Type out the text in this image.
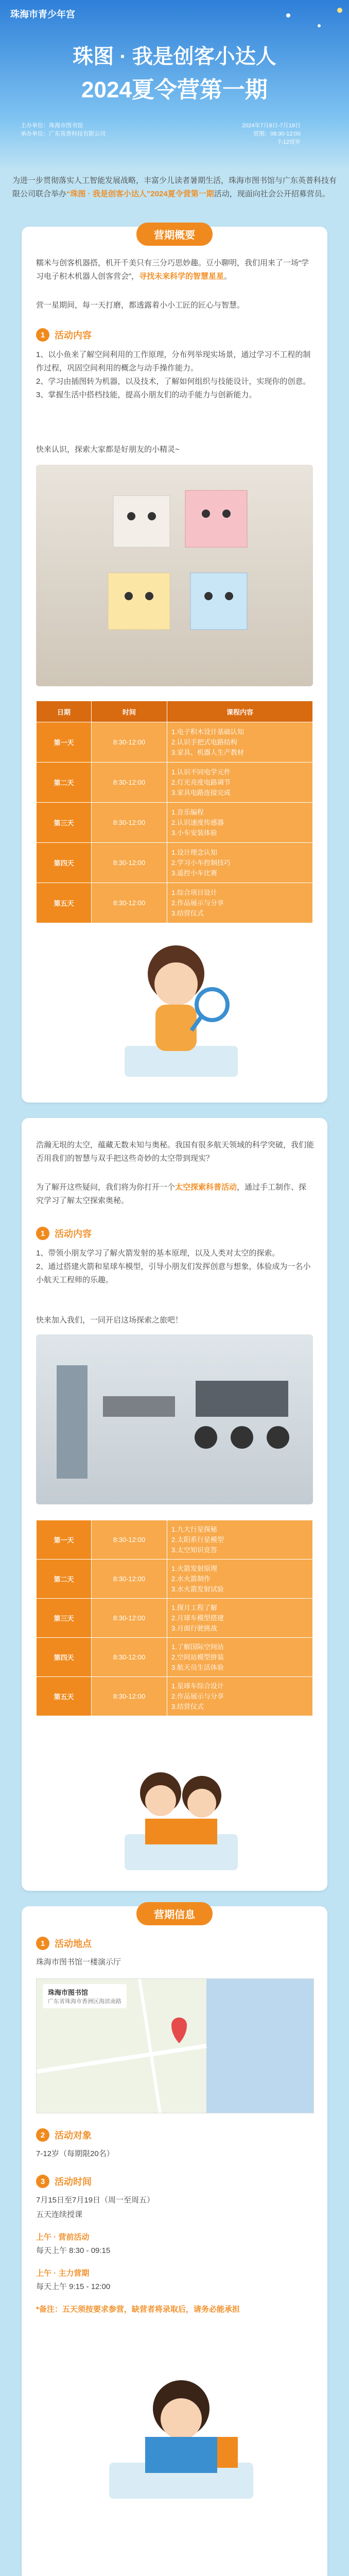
珠海市青少年宫
珠图 · 我是创客小达人
2024夏令营第一期
主办单位：珠海市图书馆
承办单位：广东英普科技有限公司
2024年7月8日-7月19日
营期：08:30-12:00
7-12周岁
为进一步贯彻落实人工智能发展战略，丰富少儿读者暑期生活，珠海市图书馆与广东英普科技有限公司联合举办“珠图 · 我是创客小达人”2024夏令营第一期活动，现面向社会公开招募营员。
营期概要
糯米与创客机器搭，机开千美只有三分巧思妙趣。豆小聊明，我们用来了一场“学习电子积木机器人创客营会”，寻找未来科学的智慧星星。
营一星期间，每一天打磨，都透露着小小工匠的匠心与智慧。
1	活动内容
1、以小鱼来了解空间利用的工作原理，分布列举现实场景，通过学习不工程的制作过程，巩固空间利用的概念与动手操作能力。
2、学习由插图转为机器，以及技术，了解如何组织与技能设计，实现你的创意。
3、掌握生活中搭档技能，提高小朋友们的动手能力与创新能力。
快来认识，探索大家都是好朋友的小精灵~
日期	时间	课程内容
第一天	8:30-12:00	1.电子积木设计基础认知
2.认识手把式电路结构
3.家具、机器人生产教材

第二天	8:30-12:00	1.认识不同电学元件
2.灯光亮度电路调节
3.家具电路连接完成

第三天	8:30-12:00	1.音乐编程
2.认识速度传感器
3.小车安装体验

第四天	8:30-12:00	1.设计理念认知
2.学习小车控制技巧
3.遥控小车比赛

第五天	8:30-12:00	1.综合项目设计
2.作品展示与分享
3.结营仪式
浩瀚无垠的太空，蕴藏无数未知与奥秘。我国有很多航天领域的科学突破，我们能否用我们的智慧与双手把这些奇妙的太空带到现实？
为了解开这些疑问，我们将为你打开一个太空探索科普活动，通过手工制作、探究学习了解太空探索奥秘。
1	活动内容
1、带领小朋友学习了解火箭发射的基本原理，以及人类对太空的探索。
2、通过搭建火箭和星球车模型，引导小朋友们发挥创意与想象，体验成为一名小小航天工程师的乐趣。
快来加入我们，一同开启这场探索之旅吧！
第一天	8:30-12:00	1.九大行星探秘
2.太阳系行星模型
3.太空知识竞答

第二天	8:30-12:00	1.火箭发射原理
2.水火箭制作
3.水火箭发射试验

第三天	8:30-12:00	1.探月工程了解
2.月球车模型搭建
3.月面行驶挑战

第四天	8:30-12:00	1.了解国际空间站
2.空间站模型拼装
3.航天员生活体验

第五天	8:30-12:00	1.星球车综合设计
2.作品展示与分享
3.结营仪式
营期信息
1	活动地点
珠海市图书馆一楼演示厅
珠海市图书馆
广东省珠海市香洲区海滨南路
2	活动对象
7-12岁（每期限20名）
3	活动时间
7月15日至7月19日（周一至周五）
五天连续授课
上午 · 营前活动
每天上午 8:30 - 09:15
上午 · 主力营期
每天上午 9:15 - 12:00
*备注：五天须按要求参营，缺营者将录取后，请务必能承担
